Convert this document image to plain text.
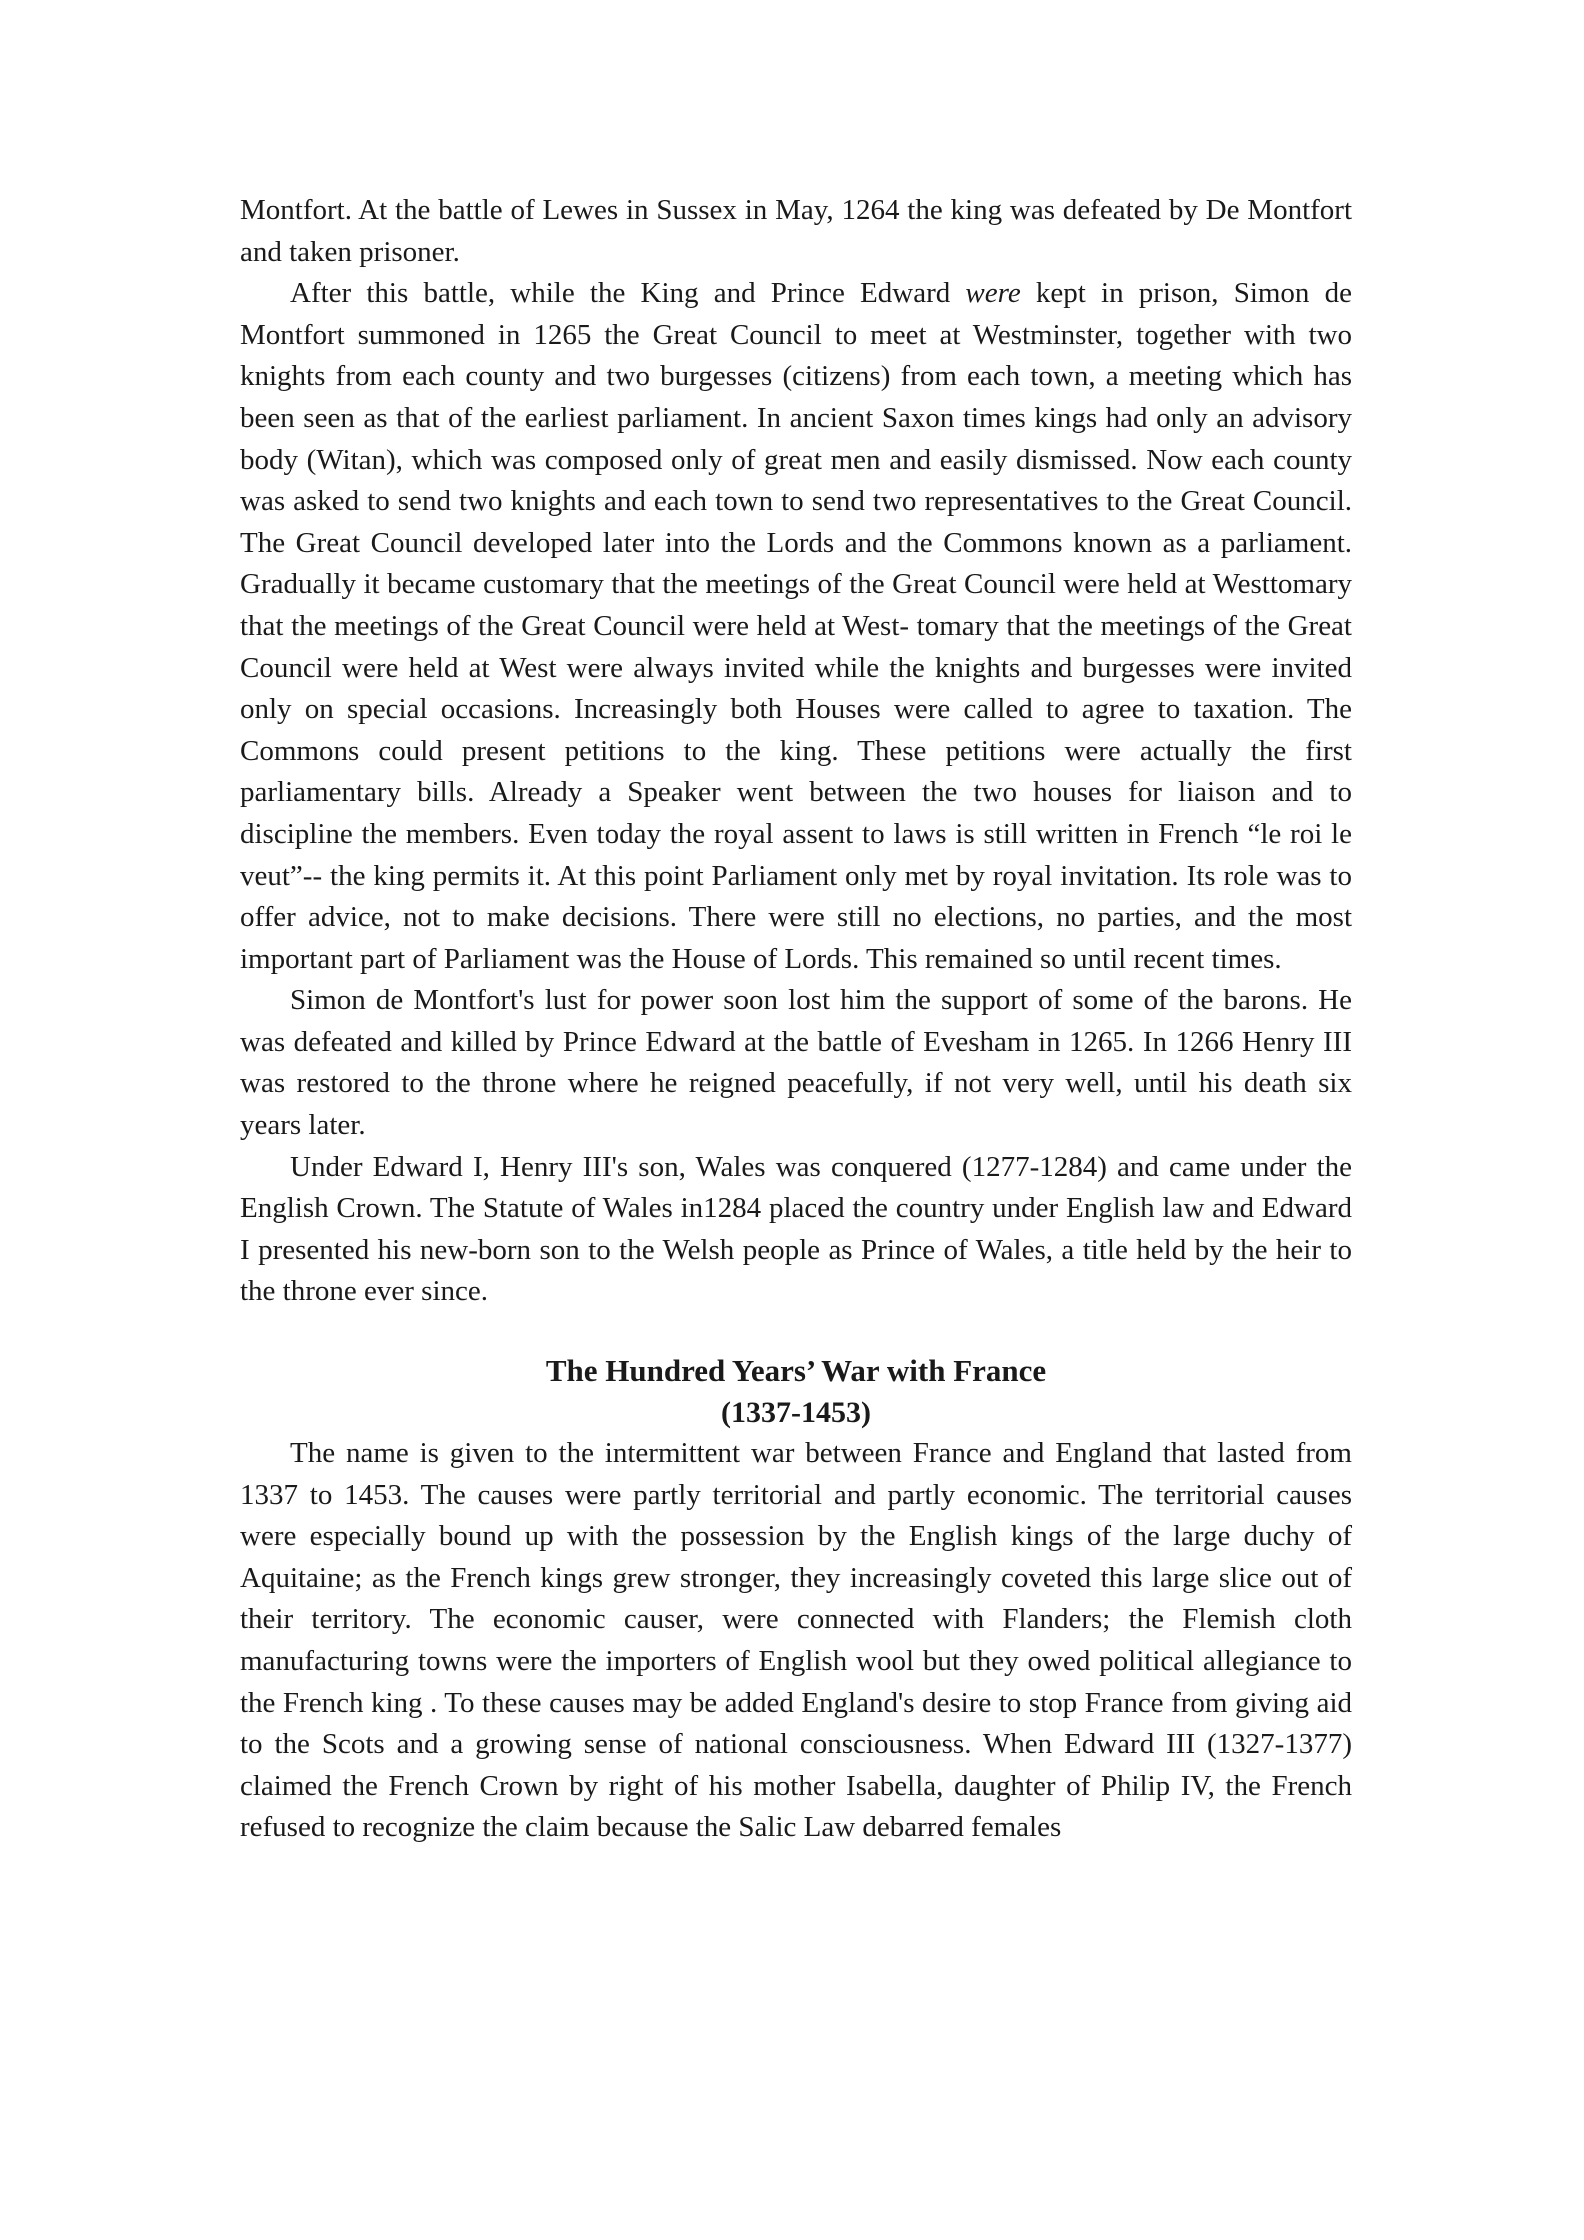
Montfort. At the battle of Lewes in Sussex in May, 1264 the king was defeated by De Montfort and taken prisoner.

After this battle, while the King and Prince Edward were kept in prison, Simon de Montfort summoned in 1265 the Great Council to meet at Westminster, together with two knights from each county and two burgesses (citizens) from each town, a meeting which has been seen as that of the earliest parliament. In ancient Saxon times kings had only an advisory body (Witan), which was composed only of great men and easily dismissed. Now each county was asked to send two knights and each town to send two representatives to the Great Council. The Great Council developed later into the Lords and the Commons known as a parliament. Gradually it became customary that the meetings of the Great Council were held at Westtomary that the meetings of the Great Council were held at West- tomary that the meetings of the Great Council were held at West were always invited while the knights and burgesses were invited only on special occasions. Increasingly both Houses were called to agree to taxation. The Commons could present petitions to the king. These petitions were actually the first parliamentary bills. Already a Speaker went between the two houses for liaison and to discipline the members. Even today the royal assent to laws is still written in French “le roi le veut”-- the king permits it. At this point Parliament only met by royal invitation. Its role was to offer advice, not to make decisions. There were still no elections, no parties, and the most important part of Parliament was the House of Lords. This remained so until recent times.

Simon de Montfort's lust for power soon lost him the support of some of the barons. He was defeated and killed by Prince Edward at the battle of Evesham in 1265. In 1266 Henry III was restored to the throne where he reigned peacefully, if not very well, until his death six years later.

Under Edward I, Henry III's son, Wales was conquered (1277-1284) and came under the English Crown. The Statute of Wales in1284 placed the country under English law and Edward I presented his new-born son to the Welsh people as Prince of Wales, a title held by the heir to the throne ever since.

The Hundred Years’ War with France

(1337-1453)

The name is given to the intermittent war between France and England that lasted from 1337 to 1453. The causes were partly territorial and partly economic. The territorial causes were especially bound up with the possession by the English kings of the large duchy of Aquitaine; as the French kings grew stronger, they increasingly coveted this large slice out of their territory. The economic causer, were connected with Flanders; the Flemish cloth manufacturing towns were the importers of English wool but they owed political allegiance to the French king . To these causes may be added England's desire to stop France from giving aid to the Scots and a growing sense of national consciousness. When Edward III (1327-1377) claimed the French Crown by right of his mother Isabella, daughter of Philip IV, the French refused to recognize the claim because the Salic Law debarred females
